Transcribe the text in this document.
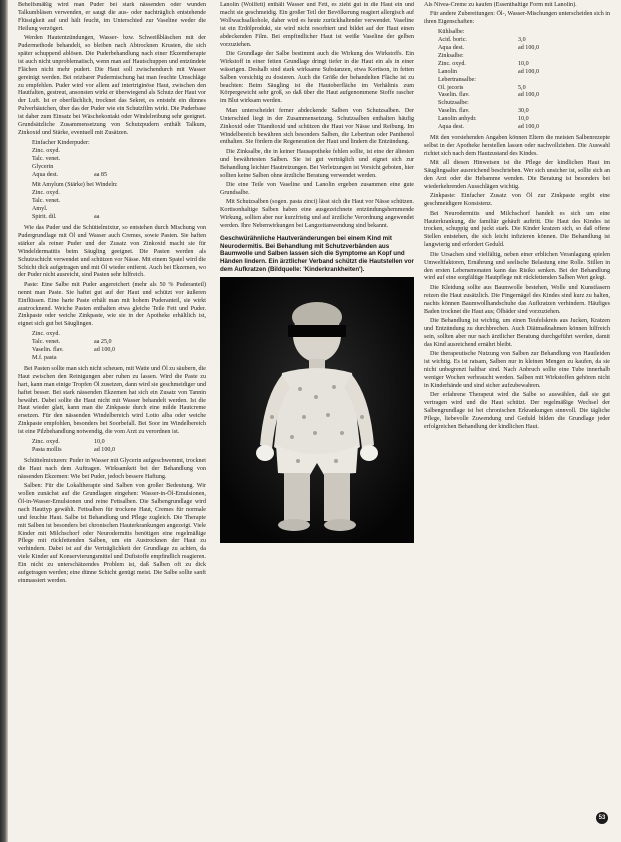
Behelfsmäßig wird man Puder bei stark nässenden oder wunden Talkumbläsen verwenden, er saugt die aus- oder nachträglich entstehende Flüssigkeit auf und hält feucht, im Unterschied zur Vaseline weder die Heilung verzögert.

Werden Hautentzündungen, Wasser- bzw. Schweißbläschen mit der Pudermethode behandelt, so bleiben nach Abtrocknen Krusten, die sich später schuppend ablösen. Die Puderbehandlung nach einer Ekzemtherapie ist auch nicht unproblematisch, wenn man auf Hautschuppen und entzündete Flächen nicht mehr pudert. Die Haut soll zwischendurch mit Wasser gereinigt werden. Bei reizbarer Pudermischung hat man feuchte Umschläge zu empfehlen. Puder wird vor allem auf intertriginöse Haut, zwischen den Hautfalten, gestreut, ansonsten wirkt er überwiegend als Schutz der Haut vor der Luft. Ist er oberflächlich, trocknet das Sekret, es entsteht ein dünnes Pulverhäutchen, über das der Puder wie ein Schutzfilm wirkt. Die Puderbase ist daher zum Einsatz bei Wäschekontakt oder Windelreibung sehr geeignet. Grundsätzliche Zusammensetzung von Schutzpudern enthält Talkum, Zinkoxid und Stärke, eventuell mit Zusätzen.

Einfacher Kinderpuder:
Zinc. oxyd.
Talc. venet.
Glycerin
Aqua dest.	aa 85
Mit Amylum (Stärke) bei Windeln:
Zinc. oxyd.
Talc. venet.
Amyl.
Spirit. dil.	aa

Wie das Puder und die Schüttelmixtur, so entstehen durch Mischung von Pudergrundlage mit Öl und Wasser auch Cremes, sowie Pasten. Sie haften stärker als reiner Puder und der Zusatz von Zinkoxid macht sie für Windeldermatitis beim Säugling geeignet. Die Pasten werden als Schutzschicht verwendet und schützen vor Nässe. Mit einem Spatel wird die Schicht dick aufgetragen und mit Öl wieder entfernt. Auch bei Ekzemen, wo der Puder nicht ausreicht, sind Pasten sehr hilfreich.

Paste: Eine Salbe mit Puder angereichert (mehr als 50 % Puderanteil) nennt man Paste. Sie haftet gut auf der Haut und schützt vor äußeren Einflüssen. Eine harte Paste erhält man mit hohem Puderanteil, sie wirkt austrocknend. Weiche Pasten enthalten etwa gleiche Teile Fett und Puder. Zinkpaste oder weiche Zinkpaste, wie sie in der Apotheke erhältlich ist, eignet sich gut bei Säuglingen.

Zinc. oxyd.
Talc. venet.	aa 25,0
Vaselin. flav.	ad 100,0
M.f. pasta

Bei Pasten sollte man sich nicht scheuen, mit Watte und Öl zu säubern, die Haut zwischen den Reinigungen aber ruhen zu lassen. Wird die Paste zu hart, kann man einige Tropfen Öl zusetzen, dann wird sie geschmeidiger und haftet besser. Bei stark nässenden Ekzemen hat sich ein Zusatz von Tannin bewährt. Dabei sollte die Haut nicht mit Wasser behandelt werden. Ist die Haut wieder glatt, kann man die Zinkpaste durch eine milde Hautcreme ersetzen. Für den nässenden Windelbereich wird Lotio alba oder weiche Zinkpaste empfohlen, besonders bei Soorbefall. Bei Soor im Windelbereich ist eine Pilzbehandlung notwendig, die vom Arzt zu verordnen ist.

Zinc. oxyd.	10,0
Pasta mollis	ad 100,0

Schüttelmixturen: Puder in Wasser mit Glycerin aufgeschwemmt, trocknet die Haut nach dem Auftragen. Wirksamkeit bei der Behandlung von nässenden Ekzemen: Wie bei Puder, jedoch bessere Haftung.

Salben: Für die Lokaltherapie sind Salben von großer Bedeutung. Wir wollen zunächst auf die Grundlagen eingehen: Wasser-in-Öl-Emulsionen, Öl-in-Wasser-Emulsionen und reine Fettsalben. Die Salbengrundlage wird nach Hauttyp gewählt. Fettsalben für trockene Haut, Cremes für normale und feuchte Haut. Salbe ist Behandlung und Pflege zugleich. Die Therapie mit Salben ist besonders bei chronischen Hauterkrankungen angezeigt. Viele Kinder mit Milchschorf oder Neurodermitis benötigen eine regelmäßige Pflege mit rückfettenden Salben, um ein Austrocknen der Haut zu verhindern. Dabei ist auf die Verträglichkeit der Grundlage zu achten, da viele Kinder auf Konservierungsmittel und Duftstoffe empfindlich reagieren. Ein nicht zu unterschätzendes Problem ist, daß Salben oft zu dick aufgetragen werden; eine dünne Schicht genügt meist. Die Salbe sollte sanft einmassiert werden.

Lanolin (Wollfett) enthält Wasser und Fett, es zieht gut in die Haut ein und macht sie geschmeidig. Ein großer Teil der Bevölkerung reagiert allergisch auf Wollwachsalkohole, daher wird es heute zurückhaltender verwendet. Vaseline ist ein Erdölprodukt, sie wird nicht resorbiert und bildet auf der Haut einen abdeckenden Film. Bei empfindlicher Haut ist weiße Vaseline der gelben vorzuziehen.

Die Grundlage der Salbe bestimmt auch die Wirkung des Wirkstoffs. Ein Wirkstoff in einer fetten Grundlage dringt tiefer in die Haut ein als in einer wässrigen. Deshalb sind stark wirksame Substanzen, etwa Kortison, in fetten Salben vorsichtig zu dosieren. Auch die Größe der behandelten Fläche ist zu beachten: Beim Säugling ist die Hautoberfläche im Verhältnis zum Körpergewicht sehr groß, so daß über die Haut aufgenommene Stoffe rascher im Blut wirksam werden.

Man unterscheidet ferner abdeckende Salben von Schutzsalben. Der Unterschied liegt in der Zusammensetzung. Schutzsalben enthalten häufig Zinkoxid oder Titandioxid und schützen die Haut vor Nässe und Reibung. Im Windelbereich bewähren sich besonders Salben, die Lebertran oder Panthenol enthalten. Sie fördern die Regeneration der Haut und lindern die Entzündung.

Die Zinksalbe, die in keiner Hausapotheke fehlen sollte, ist eine der ältesten und bewährtesten Salben. Sie ist gut verträglich und eignet sich zur Behandlung leichter Hautreizungen. Bei Verletzungen ist Vorsicht geboten, hier sollten keine Salben ohne ärztliche Beratung verwendet werden.

Die eine Teile von Vaseline und Lanolin ergeben zusammen eine gute Grundsalbe.

Mit Schutzsalben (sogen. pasta zinci) lässt sich die Haut vor Nässe schützen. Kortisonhaltige Salben haben eine ausgezeichnete entzündungshemmende Wirkung, sollten aber nur kurzfristig und auf ärztliche Verordnung angewendet werden. Ihre Nebenwirkungen bei Langzeitanwendung sind bekannt.

Geschwürähnliche Hautveränderungen bei einem Kind mit Neurodermitis. Bei Behandlung mit Schutzverbänden aus Baumwolle und Salben lassen sich die Symptome an Kopf und Händen lindern. Ein ärztlicher Verband schützt die Hautstellen vor dem Aufkratzen (Bildquelle: 'Kinderkrankheiten').

Als Nivea-Creme zu kaufen (Essenthaltige Form mit Lanolin).

Für andere Zubereitungen: Öl-, Wasser-Mischungen unterscheiden sich in ihren Eigenschaften:

Kühlsalbe:
Acid. boric.	3,0
Aqua dest.	ad 100,0
Zinksalbe:
Zinc. oxyd.	10,0
Lanolin	ad 100,0
Lebertransalbe:
Ol. jecoris	5,0
Vaselin. flav.	ad 100,0
Schutzsalbe:
Vaselin. flav.	30,0
Lanolin anhydr.	10,0
Aqua dest.	ad 100,0

Mit den vorstehenden Angaben können Eltern die meisten Salbenrezepte selbst in der Apotheke herstellen lassen oder nachvollziehen. Die Auswahl richtet sich nach dem Hautzustand des Kindes.

Mit all diesen Hinweisen ist die Pflege der kindlichen Haut im Säuglingsalter ausreichend beschrieben. Wer sich unsicher ist, sollte sich an den Arzt oder die Hebamme wenden. Die Beratung ist besonders bei wiederkehrenden Ausschlägen wichtig.

Zinkpaste: Einfacher Zusatz von Öl zur Zinkpaste ergibt eine geschmeidigere Konsistenz.

Bei Neurodermitis und Milchschorf handelt es sich um eine Hauterkrankung, die familiär gehäuft auftritt. Die Haut des Kindes ist trocken, schuppig und juckt stark. Die Kinder kratzen sich, so daß offene Stellen entstehen, die sich leicht infizieren können. Die Behandlung ist langwierig und erfordert Geduld.

Die Ursachen sind vielfältig, neben einer erblichen Veranlagung spielen Umweltfaktoren, Ernährung und seelische Belastung eine Rolle. Stillen in den ersten Lebensmonaten kann das Risiko senken. Bei der Behandlung wird auf eine sorgfältige Hautpflege mit rückfettenden Salben Wert gelegt.

Die Kleidung sollte aus Baumwolle bestehen, Wolle und Kunstfasern reizen die Haut zusätzlich. Die Fingernägel des Kindes sind kurz zu halten, nachts können Baumwollhandschuhe das Aufkratzen verhindern. Häufiges Baden trocknet die Haut aus; Ölbäder sind vorzuziehen.

Die Behandlung ist wichtig, um einen Teufelskreis aus Jucken, Kratzen und Entzündung zu durchbrechen. Auch Diätmaßnahmen können hilfreich sein, sollten aber nur nach ärztlicher Beratung durchgeführt werden, damit das Kind ausreichend ernährt bleibt.

Die therapeutische Nutzung von Salben zur Behandlung von Hautleiden ist wichtig. Es ist ratsam, Salben nur in kleinen Mengen zu kaufen, da sie nicht unbegrenzt haltbar sind. Nach Anbruch sollte eine Tube innerhalb weniger Wochen verbraucht werden. Salben mit Wirkstoffen gehören nicht in Kinderhände und sind sicher aufzubewahren.

Der erfahrene Therapeut wird die Salbe so auswählen, daß sie gut vertragen wird und die Haut schützt. Der regelmäßige Wechsel der Salbengrundlage ist bei chronischen Erkrankungen sinnvoll. Die tägliche Pflege, liebevolle Zuwendung und Geduld bilden die Grundlage jeder erfolgreichen Behandlung der kindlichen Haut.

53
